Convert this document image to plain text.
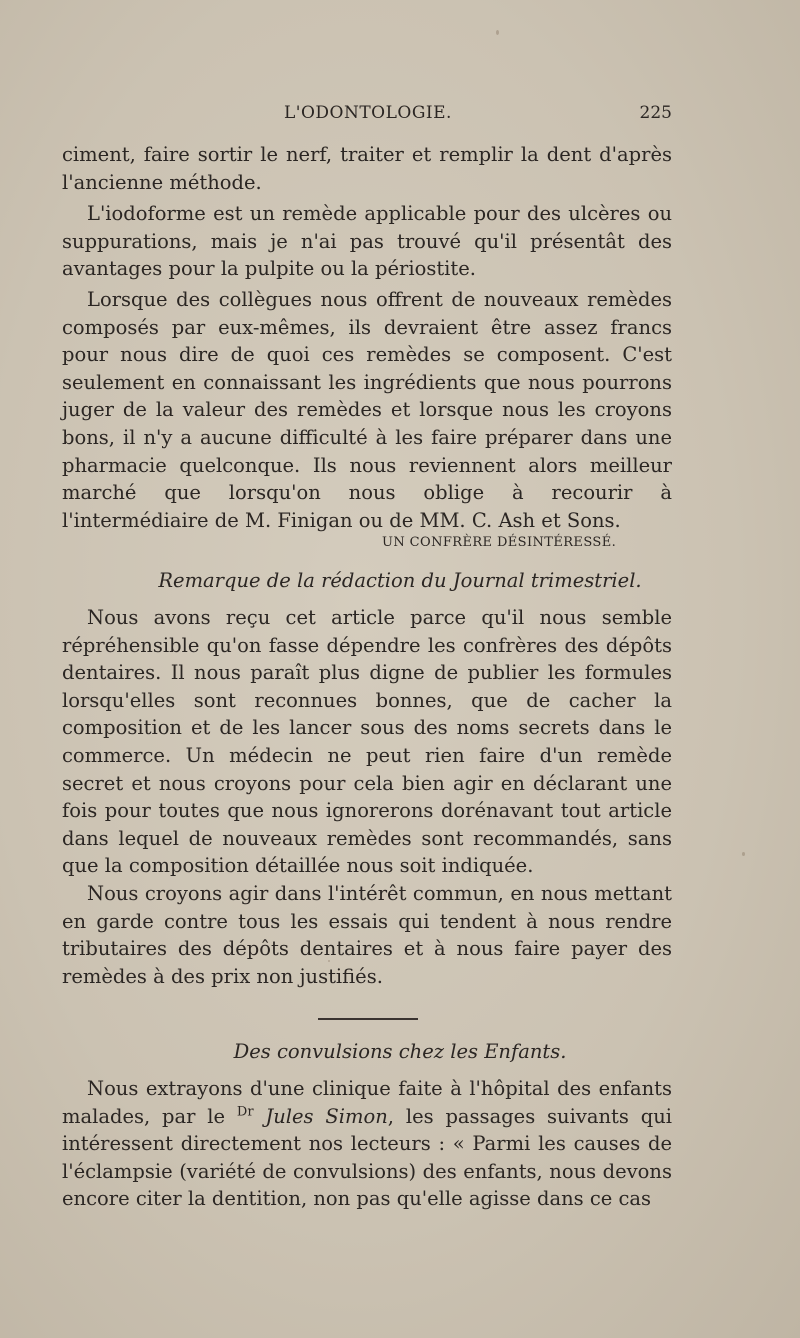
L'ODONTOLOGIE.	225

ciment, faire sortir le nerf, traiter et remplir la dent d'après l'ancienne méthode.

L'iodoforme est un remède applicable pour des ulcères ou suppurations, mais je n'ai pas trouvé qu'il présentât des avantages pour la pulpite ou la périostite.

Lorsque des collègues nous offrent de nouveaux remèdes composés par eux-mêmes, ils devraient être assez francs pour nous dire de quoi ces remèdes se composent. C'est seulement en connaissant les ingrédients que nous pourrons juger de la valeur des remèdes et lorsque nous les croyons bons, il n'y a aucune difficulté à les faire préparer dans une pharmacie quelconque. Ils nous reviennent alors meilleur marché que lorsqu'on nous oblige à recourir à l'intermédiaire de M. Finigan ou de MM. C. Ash et Sons.

UN CONFRÈRE DÉSINTÉRESSÉ.

Remarque de la rédaction du Journal trimestriel.

Nous avons reçu cet article parce qu'il nous semble répréhensible qu'on fasse dépendre les confrères des dépôts dentaires. Il nous paraît plus digne de publier les formules lorsqu'elles sont reconnues bonnes, que de cacher la composition et de les lancer sous des noms secrets dans le commerce. Un médecin ne peut rien faire d'un remède secret et nous croyons pour cela bien agir en déclarant une fois pour toutes que nous ignorerons dorénavant tout article dans lequel de nouveaux remèdes sont recommandés, sans que la composition détaillée nous soit indiquée.

Nous croyons agir dans l'intérêt commun, en nous mettant en garde contre tous les essais qui tendent à nous rendre tributaires des dépôts dentaires et à nous faire payer des remèdes à des prix non justifiés.

Des convulsions chez les Enfants.

Nous extrayons d'une clinique faite à l'hôpital des enfants malades, par le $^{Dr}$ Jules Simon, les passages suivants qui intéressent directement nos lecteurs : « Parmi les causes de l'éclampsie (variété de convulsions) des enfants, nous devons encore citer la dentition, non pas qu'elle agisse dans ce cas
